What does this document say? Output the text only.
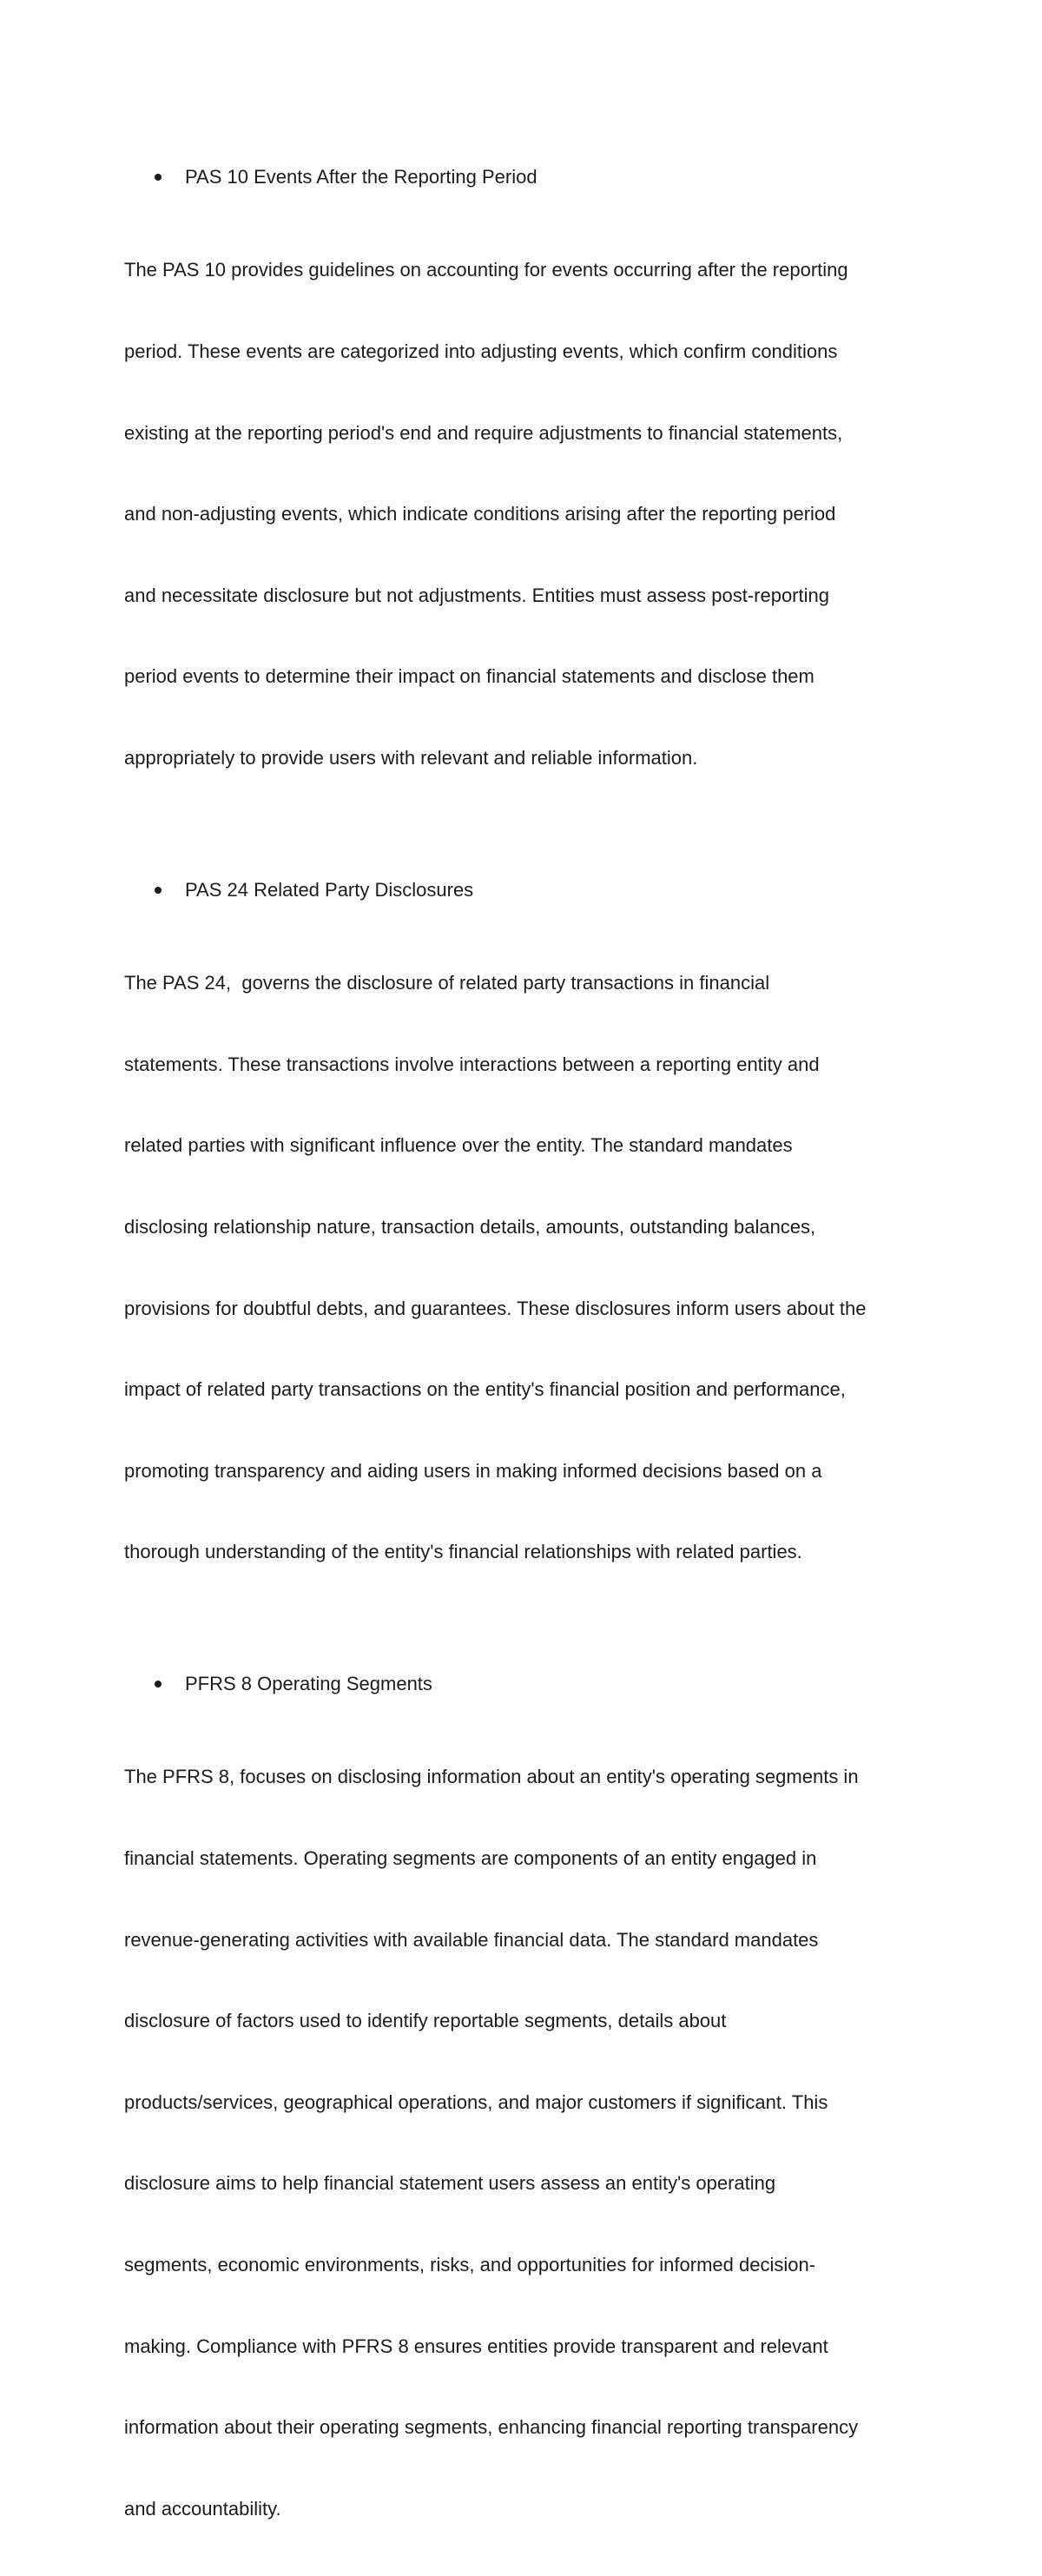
PAS 10 Events After the Reporting Period

The PAS 10 provides guidelines on accounting for events occurring after the reporting

period. These events are categorized into adjusting events, which confirm conditions

existing at the reporting period's end and require adjustments to financial statements,

and non-adjusting events, which indicate conditions arising after the reporting period

and necessitate disclosure but not adjustments. Entities must assess post-reporting

period events to determine their impact on financial statements and disclose them

appropriately to provide users with relevant and reliable information.

PAS 24 Related Party Disclosures

The PAS 24,  governs the disclosure of related party transactions in financial

statements. These transactions involve interactions between a reporting entity and

related parties with significant influence over the entity. The standard mandates

disclosing relationship nature, transaction details, amounts, outstanding balances,

provisions for doubtful debts, and guarantees. These disclosures inform users about the

impact of related party transactions on the entity's financial position and performance,

promoting transparency and aiding users in making informed decisions based on a

thorough understanding of the entity's financial relationships with related parties.

PFRS 8 Operating Segments

The PFRS 8, focuses on disclosing information about an entity's operating segments in

financial statements. Operating segments are components of an entity engaged in

revenue-generating activities with available financial data. The standard mandates

disclosure of factors used to identify reportable segments, details about

products/services, geographical operations, and major customers if significant. This

disclosure aims to help financial statement users assess an entity's operating

segments, economic environments, risks, and opportunities for informed decision-

making. Compliance with PFRS 8 ensures entities provide transparent and relevant

information about their operating segments, enhancing financial reporting transparency

and accountability.
